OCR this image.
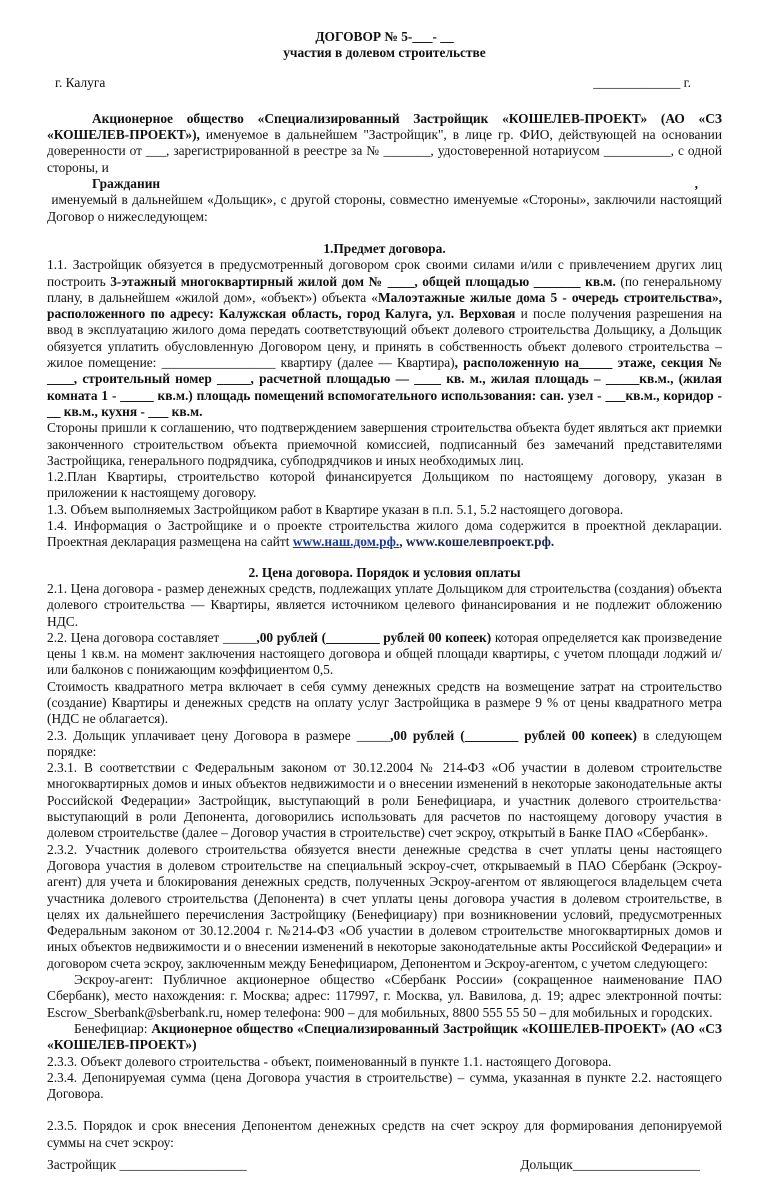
ДОГОВОР № 5-___- __

участия в долевом строительстве

г. Калуга	_____________ г.

Акционерное общество «Специализированный Застройщик «КОШЕЛЕВ-ПРОЕКТ» (АО «СЗ «КОШЕЛЕВ-ПРОЕКТ»), именуемое в дальнейшем "Застройщик", в лице гр. ФИО, действующей на основании доверенности от ___, зарегистрированной в реестре за № _______, удостоверенной нотариусом __________, с одной стороны, и

Гражданин	,

именуемый в дальнейшем «Дольщик», с другой стороны, совместно именуемые «Стороны», заключили настоящий Договор о нижеследующем:

1.Предмет договора.

1.1. Застройщик обязуется в предусмотренный договором срок своими силами и/или с привлечением других лиц построить 3-этажный многоквартирный жилой дом № ____, общей площадью _______ кв.м. (по генеральному плану, в дальнейшем «жилой дом», «объект») объекта «Малоэтажные жилые дома 5 - очередь строительства», расположенного по адресу: Калужская область, город Калуга, ул. Верховая и после получения разрешения на ввод в эксплуатацию жилого дома передать соответствующий объект долевого строительства Дольщику, а Дольщик обязуется уплатить обусловленную Договором цену, и принять в собственность объект долевого строительства – жилое помещение: _________________ квартиру (далее — Квартира), расположенную на_____ этаже, секция № ____, строительный номер _____, расчетной площадью — ____ кв. м., жилая площадь – _____кв.м., (жилая комната 1 - _____ кв.м.) площадь помещений вспомогательного использования: сан. узел - ___кв.м., коридор - __ кв.м., кухня - ___ кв.м.

Стороны пришли к соглашению, что подтверждением завершения строительства объекта будет являться акт приемки законченного строительством объекта приемочной комиссией, подписанный без замечаний представителями Застройщика, генерального подрядчика, субподрядчиков и иных необходимых лиц.

1.2.План Квартиры, строительство которой финансируется Дольщиком по настоящему договору, указан в приложении к настоящему договору.

1.3. Объем выполняемых Застройщиком работ в Квартире указан в п.п. 5.1, 5.2 настоящего договора.

1.4. Информация о Застройщике и о проекте строительства жилого дома содержится в проектной декларации. Проектная декларация размещена на сайтt www.наш.дом.рф., www.кошелевпроект.рф.

2. Цена договора. Порядок и условия оплаты

2.1. Цена договора - размер денежных средств, подлежащих уплате Дольщиком для строительства (создания) объекта долевого строительства — Квартиры, является источником целевого финансирования и не подлежит обложению НДС.

2.2. Цена договора составляет _____,00 рублей (________ рублей 00 копеек) которая определяется как произведение цены 1 кв.м. на момент заключения настоящего договора и общей площади квартиры, с учетом площади лоджий и/или балконов с понижающим коэффициентом 0,5.

Стоимость квадратного метра включает в себя сумму денежных средств на возмещение затрат на строительство (создание) Квартиры и денежных средств на оплату услуг Застройщика в размере 9 % от цены квадратного метра (НДС не облагается).

2.3. Дольщик уплачивает цену Договора в размере _____,00 рублей (________ рублей 00 копеек) в следующем порядке:

2.3.1. В соответствии с Федеральным законом от 30.12.2004 № 214-ФЗ «Об участии в долевом строительстве многоквартирных домов и иных объектов недвижимости и о внесении изменений в некоторые законодательные акты Российской Федерации» Застройщик, выступающий в роли Бенефициара, и участник долевого строительства· выступающий в роли Депонента, договорились использовать для расчетов по настоящему договору участия в долевом строительстве (далее – Договор участия в строительстве) счет эскроу, открытый в Банке ПАО «Сбербанк».

2.3.2. Участник долевого строительства обязуется внести денежные средства в счет уплаты цены настоящего Договора участия в долевом строительстве на специальный эскроу-счет, открываемый в ПАО Сбербанк (Эскроу-агент) для учета и блокирования денежных средств, полученных Эскроу-агентом от являющегося владельцем счета участника долевого строительства (Депонента) в счет уплаты цены договора участия в долевом строительстве, в целях их дальнейшего перечисления Застройщику (Бенефициару) при возникновении условий, предусмотренных Федеральным законом от 30.12.2004 г. №214-ФЗ «Об участии в долевом строительстве многоквартирных домов и иных объектов недвижимости и о внесении изменений в некоторые законодательные акты Российской Федерации» и договором счета эскроу, заключенным между Бенефициаром, Депонентом и Эскроу-агентом, с учетом следующего:

Эскроу-агент: Публичное акционерное общество «Сбербанк России» (сокращенное наименование ПАО Сбербанк), место нахождения: г. Москва; адрес: 117997, г. Москва, ул. Вавилова, д. 19; адрес электронной почты: Escrow_Sberbank@sberbank.ru, номер телефона: 900 – для мобильных, 8800 555 55 50 – для мобильных и городских.

Бенефициар: Акционерное общество «Специализированный Застройщик «КОШЕЛЕВ-ПРОЕКТ» (АО «СЗ «КОШЕЛЕВ-ПРОЕКТ»)

2.3.3. Объект долевого строительства - объект, поименованный в пункте 1.1. настоящего Договора.

2.3.4. Депонируемая сумма (цена Договора участия в строительстве) – сумма, указанная в пункте 2.2. настоящего Договора.

2.3.5. Порядок и срок внесения Депонентом денежных средств на счет эскроу для формирования депонируемой суммы на счет эскроу:

Застройщик ___________________	Дольщик___________________
